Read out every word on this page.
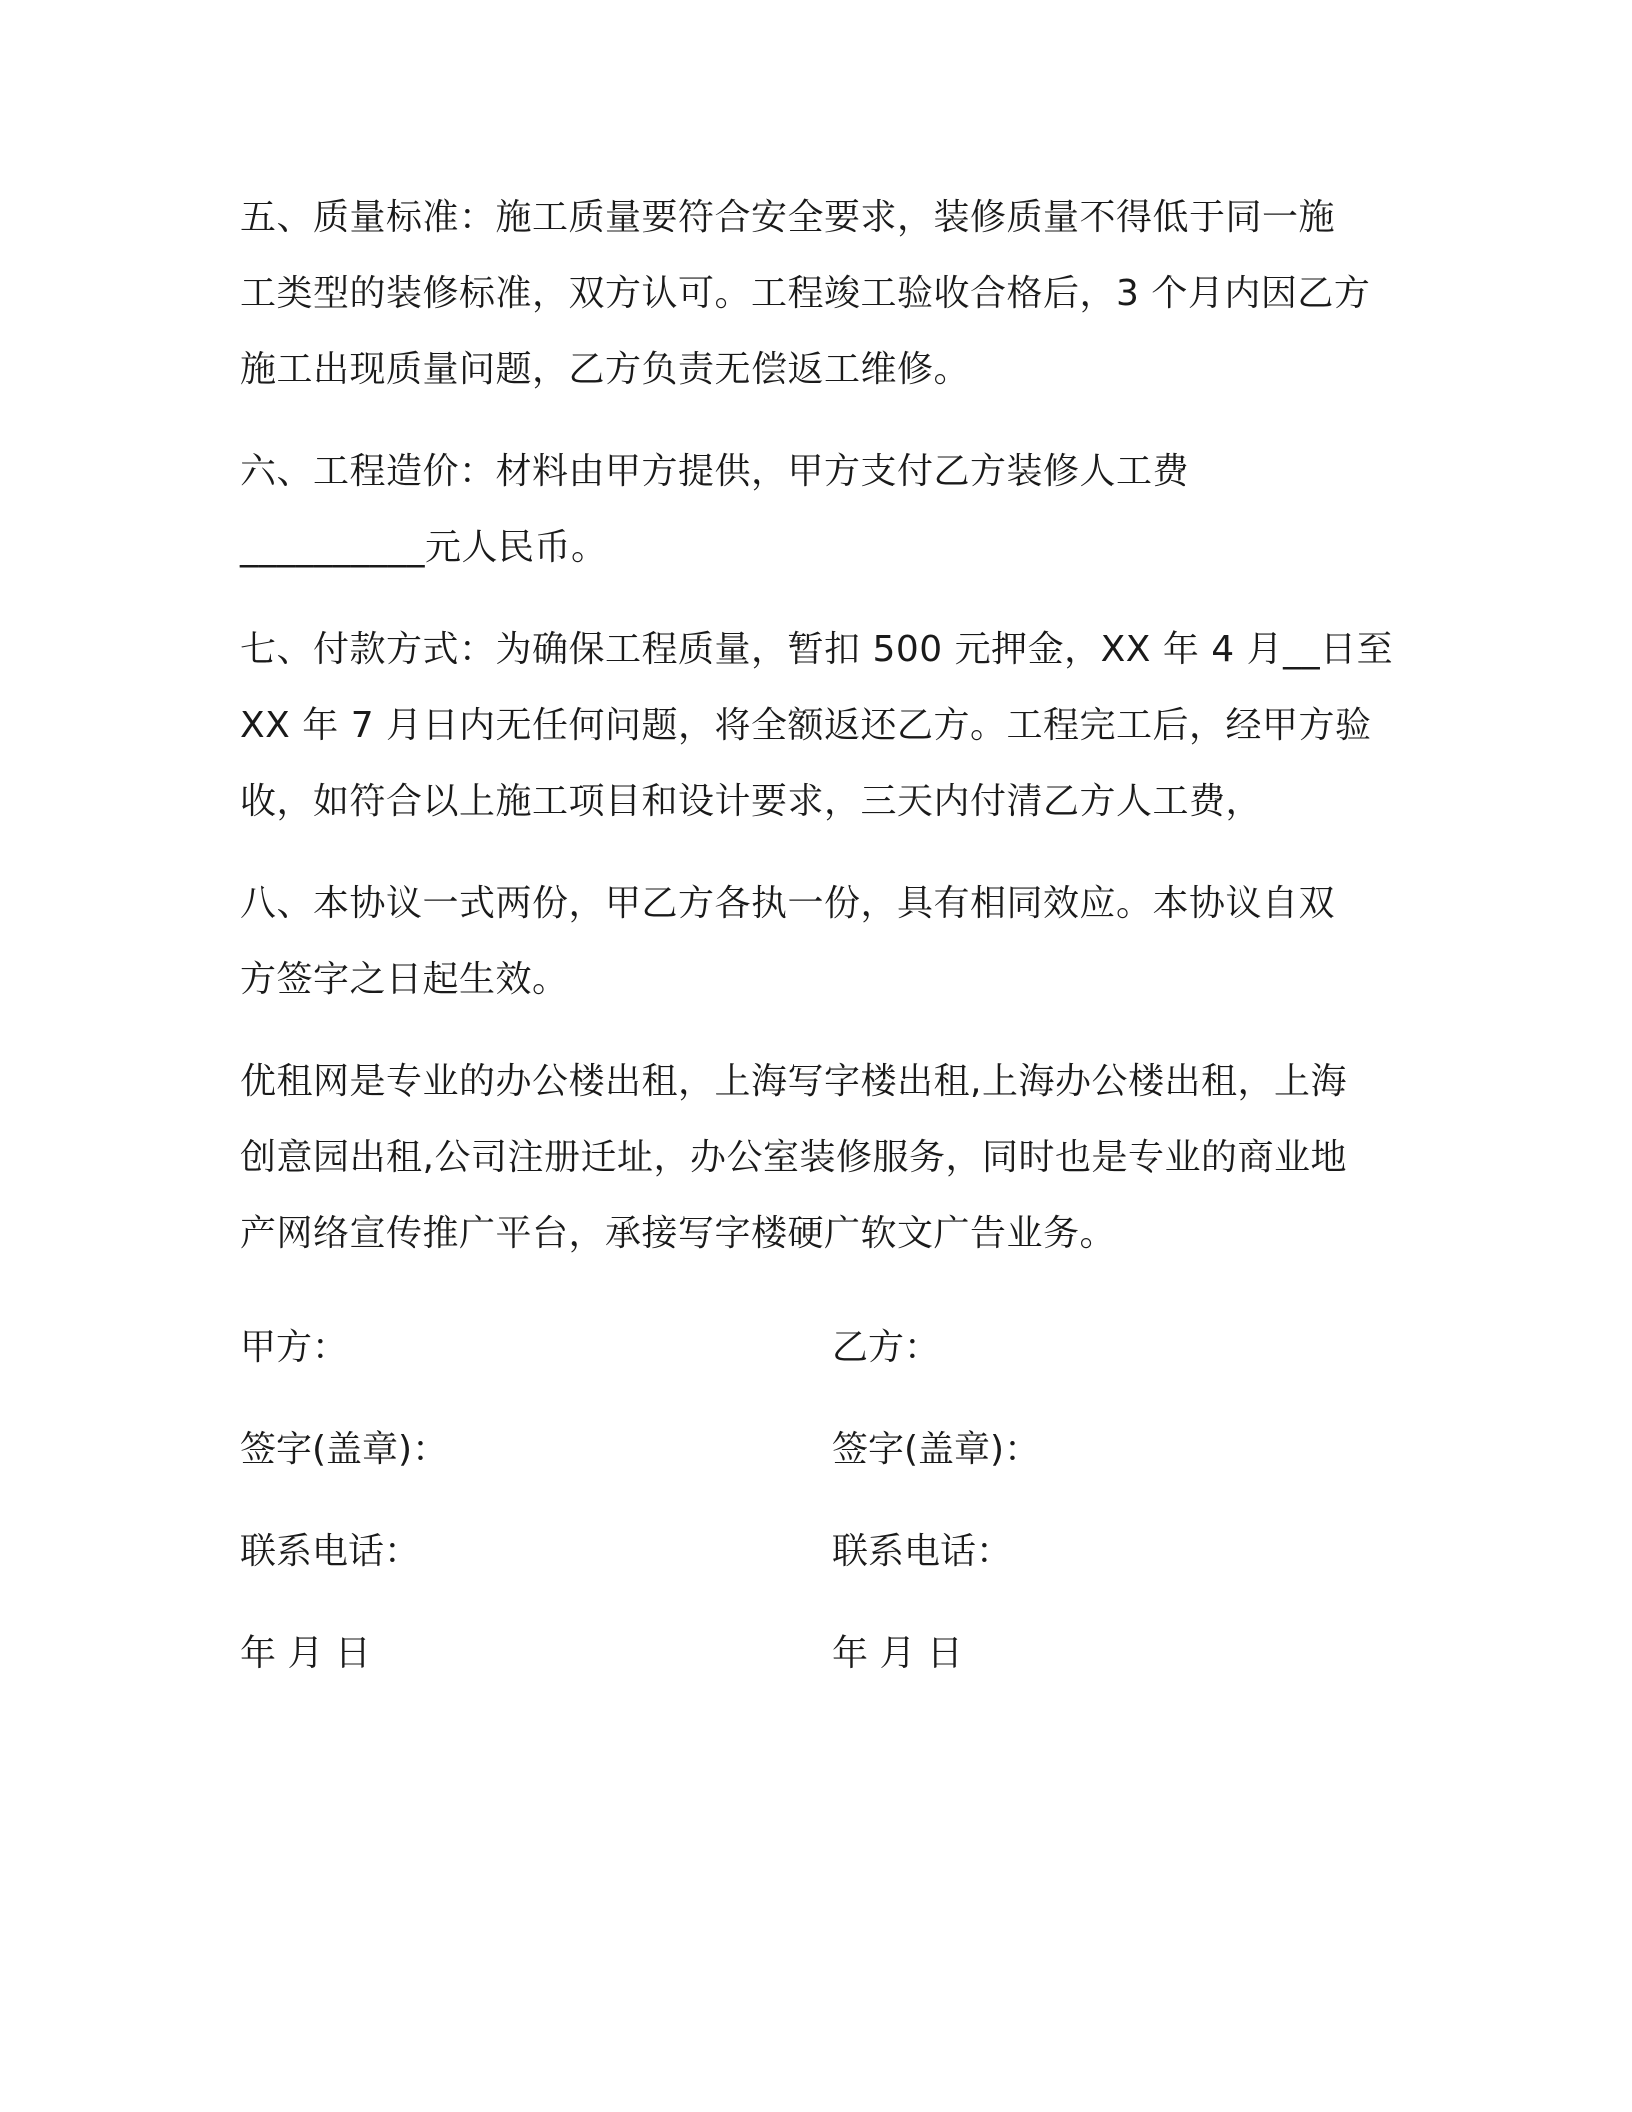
五、质量标准：施工质量要符合安全要求，装修质量不得低于同一施
工类型的装修标准，双方认可。工程竣工验收合格后，3 个月内因乙方
施工出现质量问题，乙方负责无偿返工维修。
六、工程造价：材料由甲方提供，甲方支付乙方装修人工费
__________元人民币。
七、付款方式：为确保工程质量，暂扣 500 元押金，XX 年 4 月__日至
XX 年 7 月日内无任何问题，将全额返还乙方。工程完工后，经甲方验
收，如符合以上施工项目和设计要求，三天内付清乙方人工费，
八、本协议一式两份，甲乙方各执一份，具有相同效应。本协议自双
方签字之日起生效。
优租网是专业的办公楼出租，上海写字楼出租,上海办公楼出租，上海
创意园出租,公司注册迁址，办公室装修服务，同时也是专业的商业地
产网络宣传推广平台，承接写字楼硬广软文广告业务。
甲方：
签字(盖章)：
联系电话：
年 月 日
乙方：
签字(盖章)：
联系电话：
年 月 日
